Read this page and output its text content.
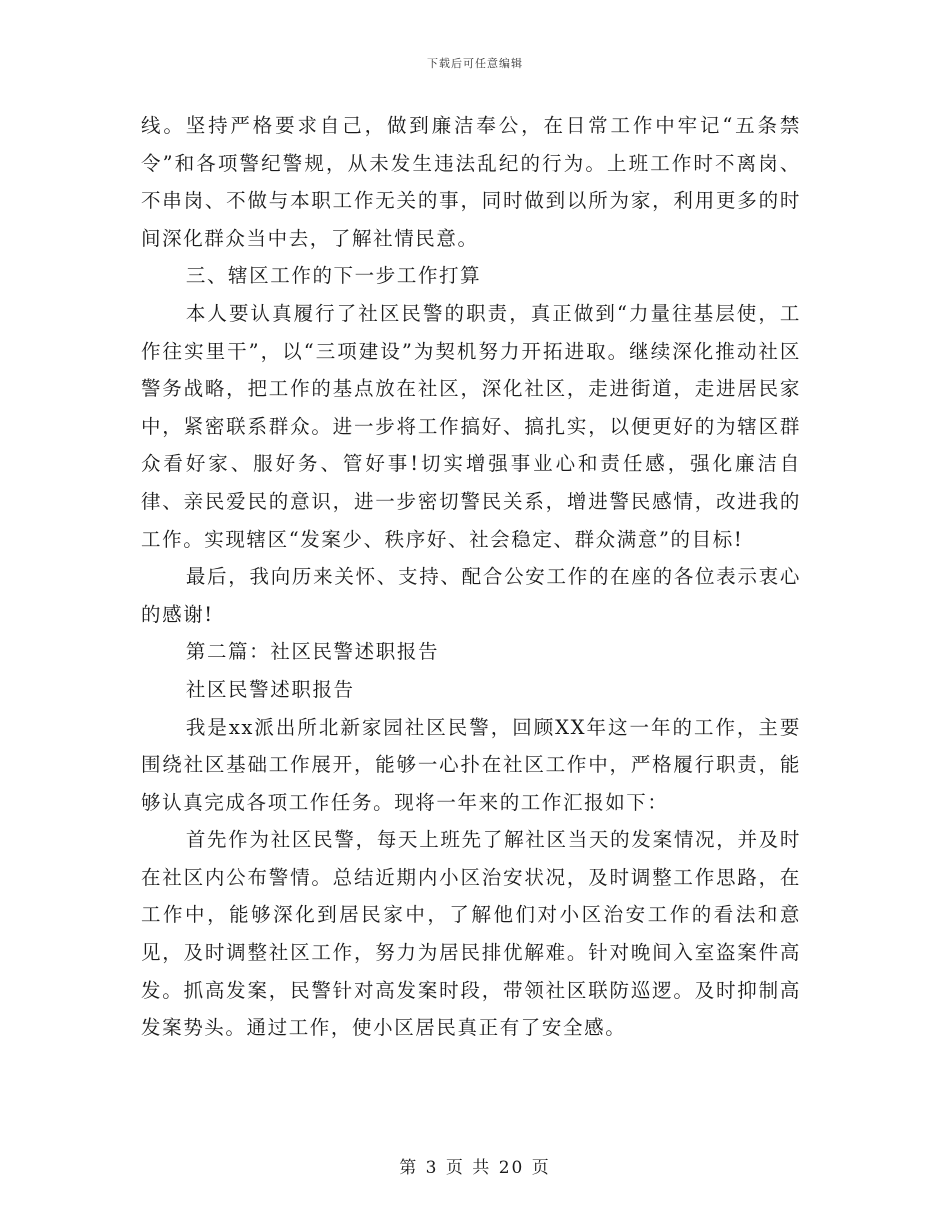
下载后可任意编辑

线。坚持严格要求自己，做到廉洁奉公，在日常工作中牢记“五条禁令”和各项警纪警规，从未发生违法乱纪的行为。上班工作时不离岗、不串岗、不做与本职工作无关的事，同时做到以所为家，利用更多的时间深化群众当中去，了解社情民意。

三、辖区工作的下一步工作打算

本人要认真履行了社区民警的职责，真正做到“力量往基层使，工作往实里干”，以“三项建设”为契机努力开拓进取。继续深化推动社区警务战略，把工作的基点放在社区，深化社区，走进街道，走进居民家中，紧密联系群众。进一步将工作搞好、搞扎实，以便更好的为辖区群众看好家、服好务、管好事!切实增强事业心和责任感，强化廉洁自律、亲民爱民的意识，进一步密切警民关系，增进警民感情，改进我的工作。实现辖区“发案少、秩序好、社会稳定、群众满意”的目标!

最后，我向历来关怀、支持、配合公安工作的在座的各位表示衷心的感谢!

第二篇：社区民警述职报告

社区民警述职报告

我是xx派出所北新家园社区民警，回顾XX年这一年的工作，主要围绕社区基础工作展开，能够一心扑在社区工作中，严格履行职责，能够认真完成各项工作任务。现将一年来的工作汇报如下：

首先作为社区民警，每天上班先了解社区当天的发案情况，并及时在社区内公布警情。总结近期内小区治安状况，及时调整工作思路，在工作中，能够深化到居民家中，了解他们对小区治安工作的看法和意见，及时调整社区工作，努力为居民排优解难。针对晚间入室盗案件高发。抓高发案，民警针对高发案时段，带领社区联防巡逻。及时抑制高发案势头。通过工作，使小区居民真正有了安全感。

第 3 页 共 20 页
